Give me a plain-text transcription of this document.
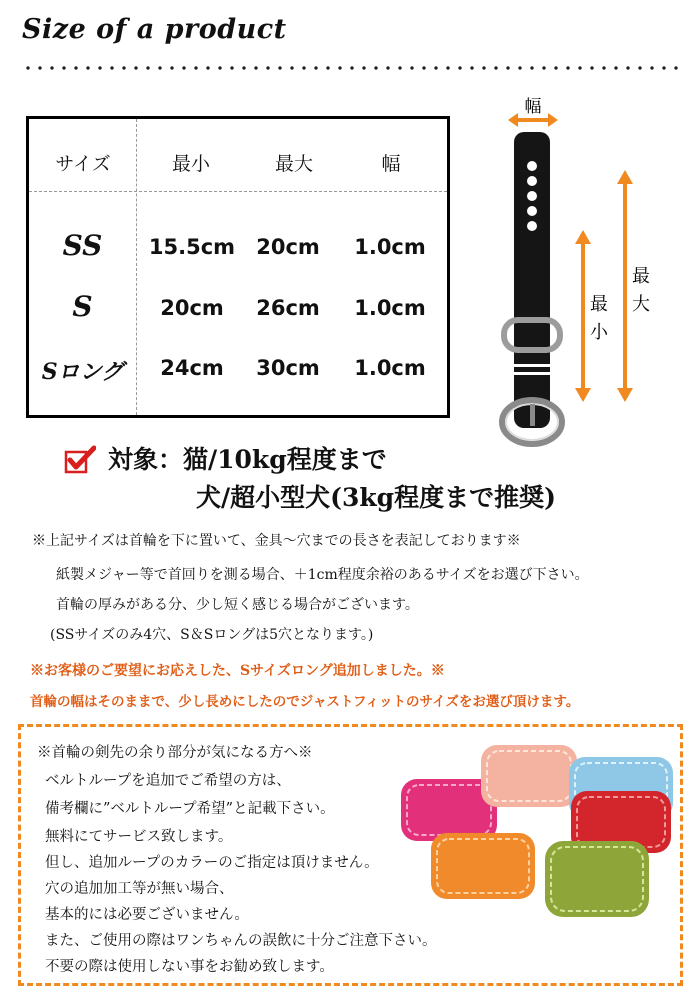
Size of a product
サイズ	最小	最大	幅
SS	15.5cm	20cm	1.0cm
S	20cm	26cm	1.0cm
Sロング	24cm	30cm	1.0cm
幅
最小
最大
対象：猫/10kg程度まで
犬/超小型犬(3kg程度まで推奨)
※上記サイズは首輪を下に置いて、金具～穴までの長さを表記しております※
紙製メジャー等で首回りを測る場合、＋1cm程度余裕のあるサイズをお選び下さい。
首輪の厚みがある分、少し短く感じる場合がございます。
(SSサイズのみ4穴、S＆Sロングは5穴となります。)
※お客様のご要望にお応えした、Sサイズロング追加しました。※
首輪の幅はそのままで、少し長めにしたのでジャストフィットのサイズをお選び頂けます。
※首輪の剣先の余り部分が気になる方へ※
ベルトループを追加でご希望の方は、
備考欄に”ベルトループ希望”と記載下さい。
無料にてサービス致します。
但し、追加ループのカラーのご指定は頂けません。
穴の追加加工等が無い場合、
基本的には必要ございません。
また、ご使用の際はワンちゃんの誤飲に十分ご注意下さい。
不要の際は使用しない事をお勧め致します。
